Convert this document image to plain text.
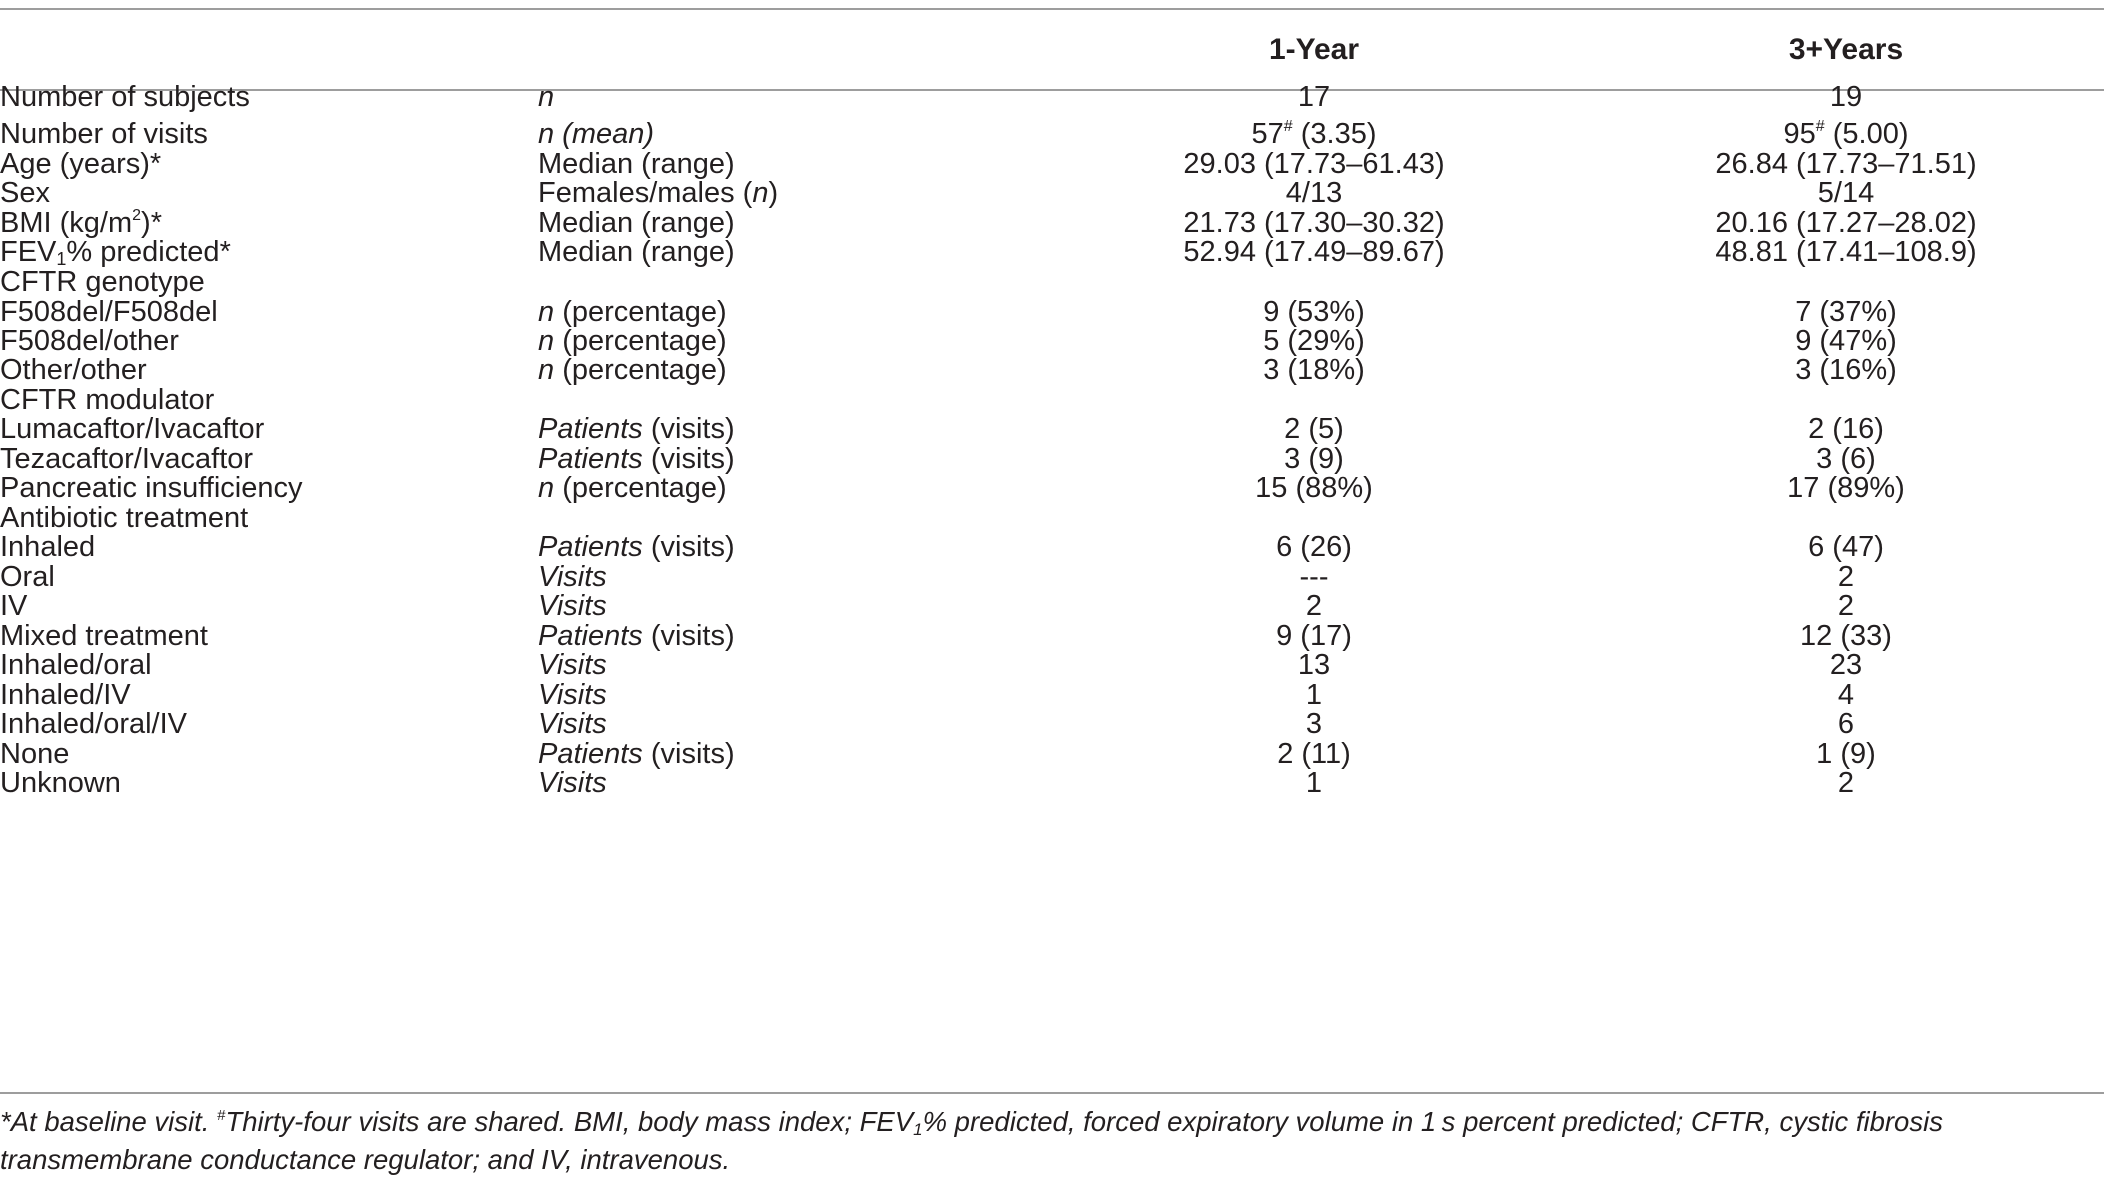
1-Year	3+Years
Number of subjects	n	17	19
Number of visits	n (mean)	57# (3.35)	95# (5.00)
Age (years)*	Median (range)	29.03 (17.73–61.43)	26.84 (17.73–71.51)
Sex	Females/males (n)	4/13	5/14
BMI $(kg/m^2)*$	Median (range)	21.73 (17.30–30.32)	20.16 (17.27–28.02)
$FEV_1\%$ predicted*	Median (range)	52.94 (17.49–89.67)	48.81 (17.41–108.9)
CFTR genotype
F508del/F508del	n (percentage)	9 (53%)	7 (37%)
F508del/other	n (percentage)	5 (29%)	9 (47%)
Other/other	n (percentage)	3 (18%)	3 (16%)
CFTR modulator
Lumacaftor/Ivacaftor	Patients (visits)	2 (5)	2 (16)
Tezacaftor/Ivacaftor	Patients (visits)	3 (9)	3 (6)
Pancreatic insufficiency	n (percentage)	15 (88%)	17 (89%)
Antibiotic treatment
Inhaled	Patients (visits)	6 (26)	6 (47)
Oral	Visits	---	2
IV	Visits	2	2
Mixed treatment	Patients (visits)	9 (17)	12 (33)
Inhaled/oral	Visits	13	23
Inhaled/IV	Visits	1	4
Inhaled/oral/IV	Visits	3	6
None	Patients (visits)	2 (11)	1 (9)
Unknown	Visits	1	2
*At baseline visit. #Thirty-four visits are shared. BMI, body mass index; $FEV_1\%$ predicted, forced expiratory volume in 1 s percent predicted; CFTR, cystic fibrosis transmembrane conductance regulator; and IV, intravenous.
